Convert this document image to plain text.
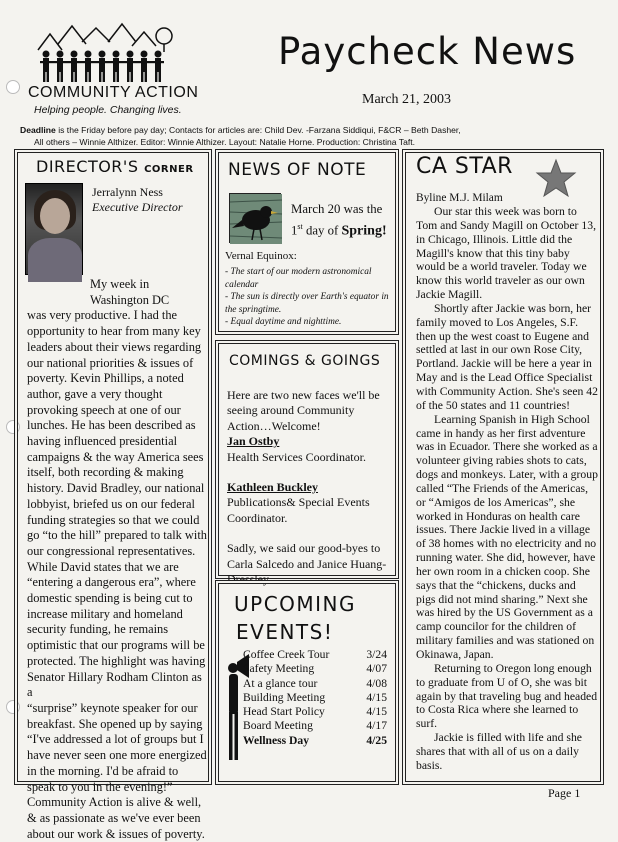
COMMUNITY ACTION
Helping people. Changing lives.
Paycheck News
March 21, 2003
Deadline is the Friday before pay day; Contacts for articles are: Child Dev. -Farzana Siddiqui, F&CR – Beth Dasher,
All others – Winnie Althizer. Editor: Winnie Althizer. Layout: Natalie Horne. Production: Christina Taft.
DIRECTOR'S CORNER
Jerralynn Ness
Executive Director
My week in
Washington DC
was very productive. I had the
opportunity to hear from many key
leaders about their views regarding
our national priorities & issues of
poverty. Kevin Phillips, a noted
author, gave a very thought
provoking speech at one of our
lunches. He has been described as
having influenced presidential
campaigns & the way America sees
itself, both recording & making
history. David Bradley, our national
lobbyist, briefed us on our federal
funding strategies so that we could
go “to the hill” prepared to talk with
our congressional representatives.
While David states that we are
“entering a dangerous era”, where
domestic spending is being cut to
increase military and homeland
security funding, he remains
optimistic that our programs will be
protected. The highlight was having
Senator Hillary Rodham Clinton as a
“surprise” keynote speaker for our
breakfast. She opened up by saying
“I've addressed a lot of groups but I
have never seen one more energized
in the morning. I'd be afraid to
speak to you in the evening!”
Community Action is alive & well,
& as passionate as we've ever been
about our work & issues of poverty.
NEWS OF NOTE
March 20 was the
1st day of Spring!
Vernal Equinox:
- The start of our modern astronomical calendar
- The sun is directly over Earth's equator in the springtime.
- Equal daytime and nighttime.
COMINGS & GOINGS
Here are two new faces we'll be seeing around Community Action…Welcome!
Jan Ostby
Health Services Coordinator.
Kathleen Buckley
Publications& Special Events Coordinator.
Sadly, we said our good-byes to Carla Salcedo and Janice Huang-Dressley .
UPCOMING
EVENTS!
Coffee Creek Tour	3/24
Safety Meeting	4/07
At a glance tour	4/08
Building Meeting	4/15
Head Start Policy	4/15
Board Meeting	4/17
Wellness Day	4/25
CA STAR
Byline M.J. Milam

Our star this week was born to Tom and Sandy Magill on October 13, in Chicago, Illinois. Little did the Magill's know that this tiny baby would be a world traveler. Today we know this world traveler as our own Jackie Magill.

Shortly after Jackie was born, her family moved to Los Angeles, S.F. then up the west coast to Eugene and settled at last in our own Rose City, Portland. Jackie will be here a year in May and is the Lead Office Specialist with Community Action. She's seen 42 of the 50 states and 11 countries!

Learning Spanish in High School came in handy as her first adventure was in Ecuador. There she worked as a volunteer giving rabies shots to cats, dogs and monkeys. Later, with a group called “The Friends of the Americas, or “Amigos de los Americas”, she worked in Honduras on health care issues. There Jackie lived in a village of 38 homes with no electricity and no running water. She did, however, have her own room in a chicken coop. She says that the “chickens, ducks and pigs did not mind sharing.” Next she was hired by the US Government as a camp councilor for the children of military families and was stationed on Okinawa, Japan.

Returning to Oregon long enough to graduate from U of O, she was bit again by that traveling bug and headed to Costa Rica where she learned to surf.

Jackie is filled with life and she shares that with all of us on a daily basis.

Page 1
